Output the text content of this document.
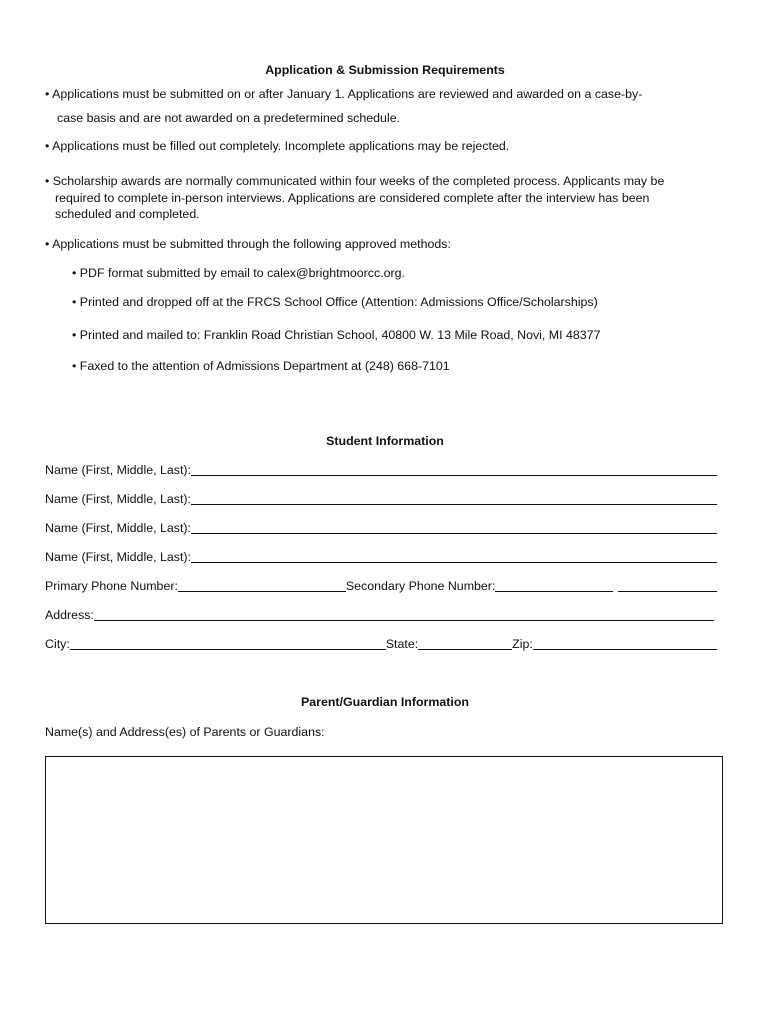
Application & Submission Requirements
• Applications must be submitted on or after January 1. Applications are reviewed and awarded on a case-by-
case basis and are not awarded on a predetermined schedule.
• Applications must be filled out completely. Incomplete applications may be rejected.
• Scholarship awards are normally communicated within four weeks of the completed process. Applicants may be
required to complete in-person interviews. Applications are considered complete after the interview has been
scheduled and completed.
• Applications must be submitted through the following approved methods:
• PDF format submitted by email to calex@brightmoorcc.org.
• Printed and dropped off at the FRCS School Office (Attention: Admissions Office/Scholarships)
• Printed and mailed to: Franklin Road Christian School, 40800 W. 13 Mile Road, Novi, MI 48377
• Faxed to the attention of Admissions Department at (248) 668-7101
Student Information
Name (First, Middle, Last):
Name (First, Middle, Last):
Name (First, Middle, Last):
Name (First, Middle, Last):
Primary Phone Number:	Secondary Phone Number:
Address:
City:	State:	Zip:
Parent/Guardian Information
Name(s) and Address(es) of Parents or Guardians:
